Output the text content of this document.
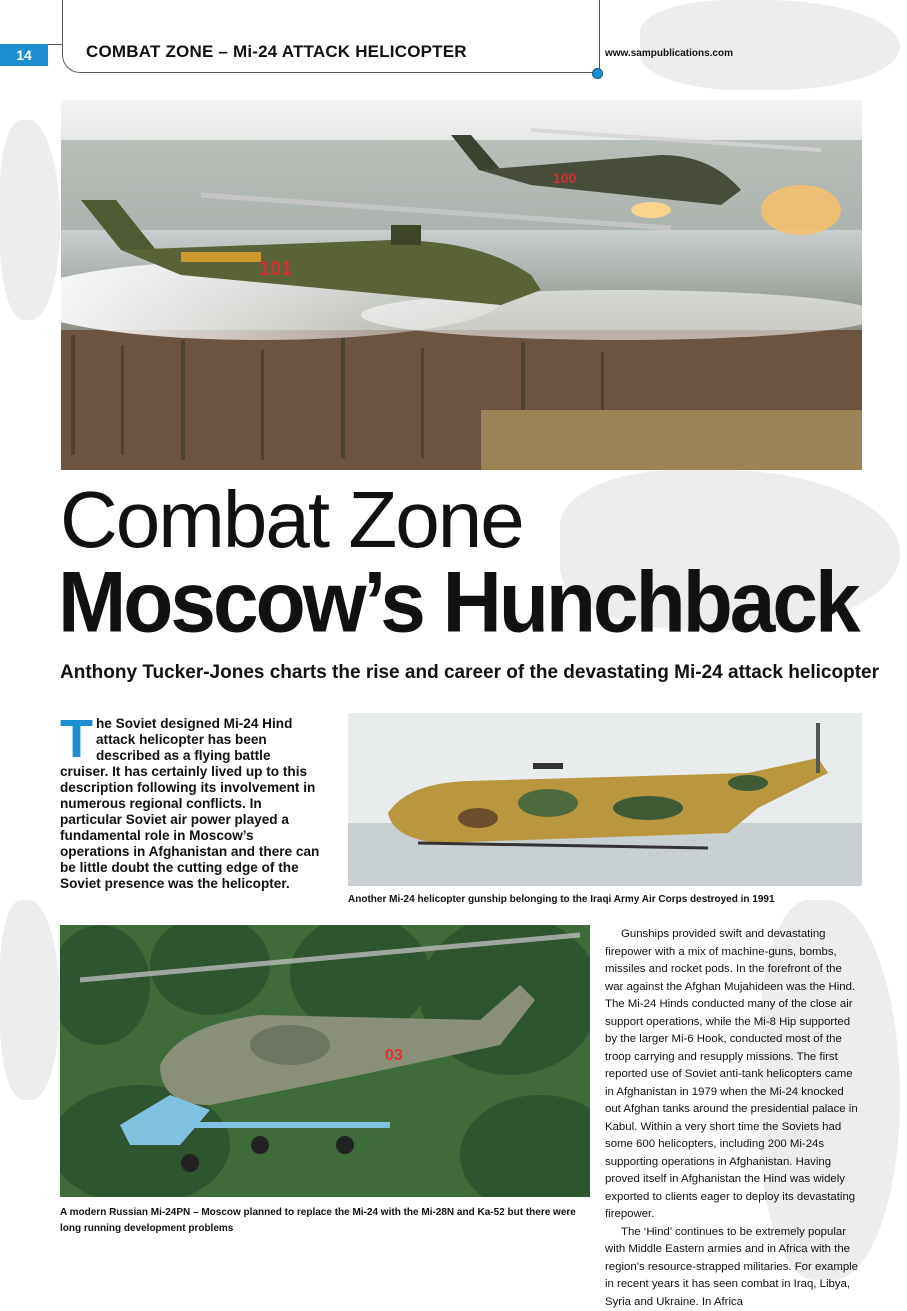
14	COMBAT ZONE – Mi-24 ATTACK HELICOPTER	www.sampublications.com
101
100
Combat Zone
Moscow’s Hunchback
Anthony Tucker-Jones charts the rise and career of the devastating Mi-24 attack helicopter
The Soviet designed Mi-24 Hind attack helicopter has been described as a flying battle cruiser. It has certainly lived up to this description following its involvement in numerous regional conflicts. In particular Soviet air power played a fundamental role in Moscow’s operations in Afghanistan and there can be little doubt the cutting edge of the Soviet presence was the helicopter.
Another Mi-24 helicopter gunship belonging to the Iraqi Army Air Corps destroyed in 1991
03
A modern Russian Mi-24PN – Moscow planned to replace the Mi-24 with the Mi-28N and Ka-52 but there were long running development problems

Gunships provided swift and devastating firepower with a mix of machine-guns, bombs, missiles and rocket pods. In the forefront of the war against the Afghan Mujahideen was the Hind. The Mi-24 Hinds conducted many of the close air support operations, while the Mi-8 Hip supported by the larger Mi-6 Hook, conducted most of the troop carrying and resupply missions. The first reported use of Soviet anti-tank helicopters came in Afghanistan in 1979 when the Mi-24 knocked out Afghan tanks around the presidential palace in Kabul. Within a very short time the Soviets had some 600 helicopters, including 200 Mi-24s supporting operations in Afghanistan. Having proved itself in Afghanistan the Hind was widely exported to clients eager to deploy its devastating firepower.

The ‘Hind’ continues to be extremely popular with Middle Eastern armies and in Africa with the region’s resource-strapped militaries. For example in recent years it has seen combat in Iraq, Libya, Syria and Ukraine. In Africa
